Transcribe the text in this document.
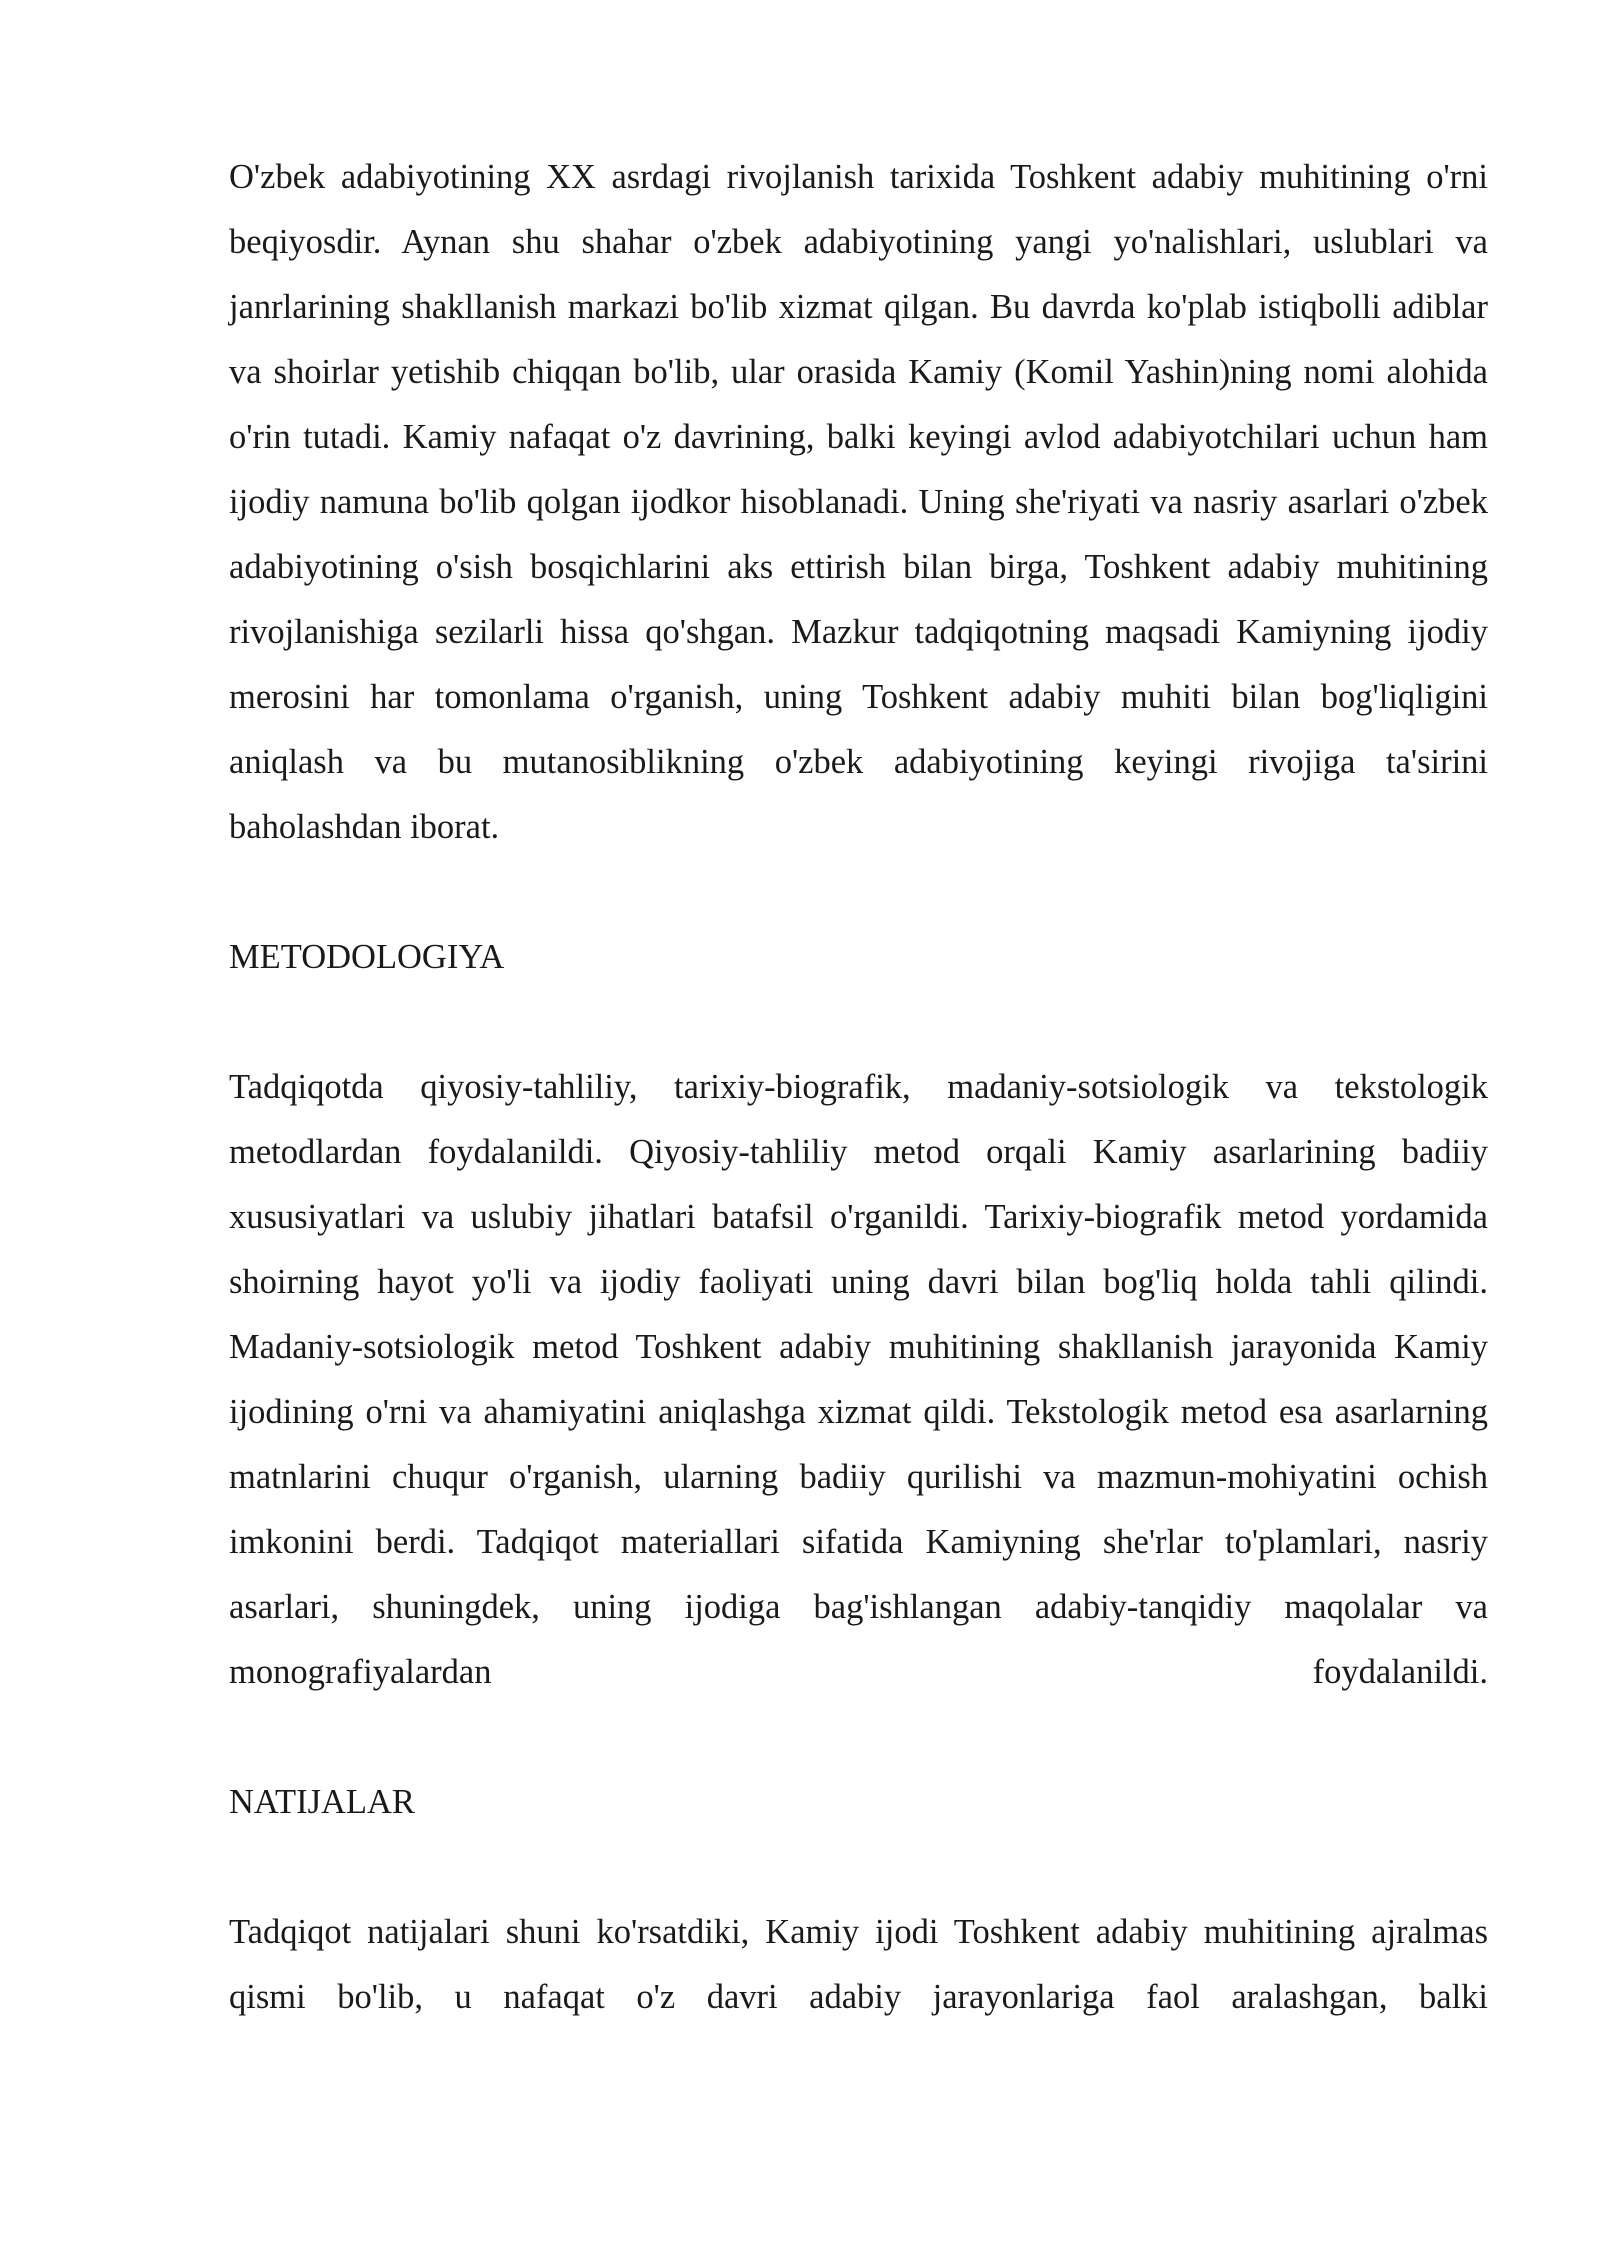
O'zbek adabiyotining XX asrdagi rivojlanish tarixida Toshkent adabiy muhitining o'rni beqiyosdir. Aynan shu shahar o'zbek adabiyotining yangi yo'nalishlari, uslublari va janrlarining shakllanish markazi bo'lib xizmat qilgan. Bu davrda ko'plab istiqbolli adiblar va shoirlar yetishib chiqqan bo'lib, ular orasida Kamiy (Komil Yashin)ning nomi alohida o'rin tutadi. Kamiy nafaqat o'z davrining, balki keyingi avlod adabiyotchilari uchun ham ijodiy namuna bo'lib qolgan ijodkor hisoblanadi. Uning she'riyati va nasriy asarlari o'zbek adabiyotining o'sish bosqichlarini aks ettirish bilan birga, Toshkent adabiy muhitining rivojlanishiga sezilarli hissa qo'shgan. Mazkur tadqiqotning maqsadi Kamiyning ijodiy merosini har tomonlama o'rganish, uning Toshkent adabiy muhiti bilan bog'liqligini aniqlash va bu mutanosiblikning o'zbek adabiyotining keyingi rivojiga ta'sirini baholashdan iborat.

METODOLOGIYA

Tadqiqotda qiyosiy-tahliliy, tarixiy-biografik, madaniy-sotsiologik va tekstologik metodlardan foydalanildi. Qiyosiy-tahliliy metod orqali Kamiy asarlarining badiiy xususiyatlari va uslubiy jihatlari batafsil o'rganildi. Tarixiy-biografik metod yordamida shoirning hayot yo'li va ijodiy faoliyati uning davri bilan bog'liq holda tahli qilindi. Madaniy-sotsiologik metod Toshkent adabiy muhitining shakllanish jarayonida Kamiy ijodining o'rni va ahamiyatini aniqlashga xizmat qildi. Tekstologik metod esa asarlarning matnlarini chuqur o'rganish, ularning badiiy qurilishi va mazmun-mohiyatini ochish imkonini berdi. Tadqiqot materiallari sifatida Kamiyning she'rlar to'plamlari, nasriy asarlari, shuningdek, uning ijodiga bag'ishlangan adabiy-tanqidiy maqolalar va monografiyalardan foydalanildi.

NATIJALAR

Tadqiqot natijalari shuni ko'rsatdiki, Kamiy ijodi Toshkent adabiy muhitining ajralmas qismi bo'lib, u nafaqat o'z davri adabiy jarayonlariga faol aralashgan, balki
